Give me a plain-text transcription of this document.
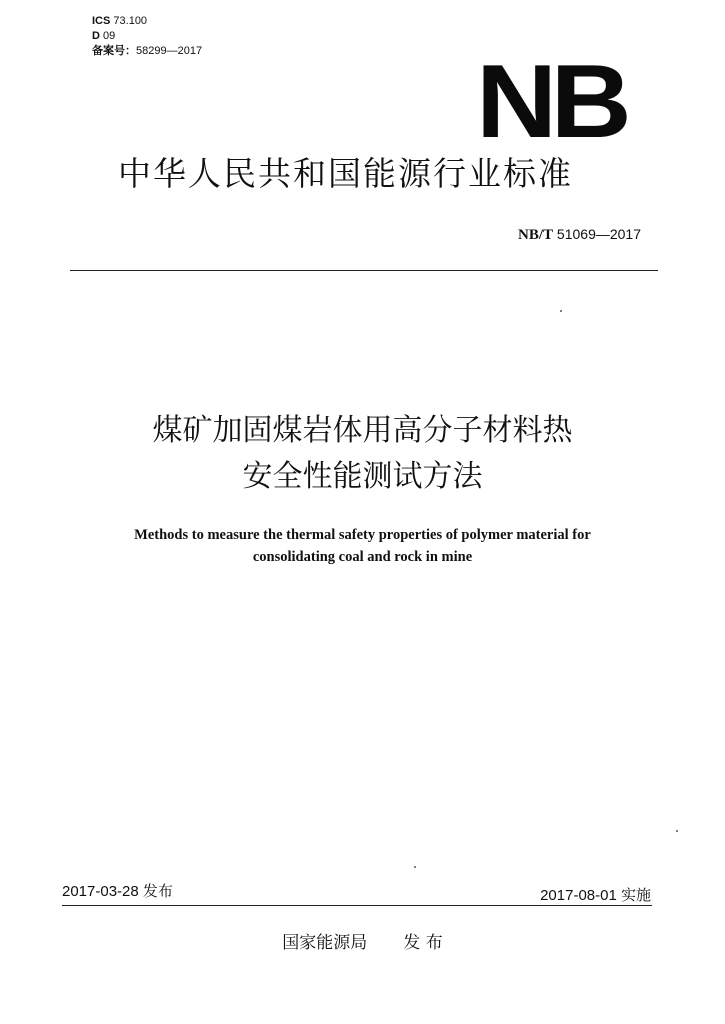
ICS 73.100
D 09
备案号：58299—2017	NB
中华人民共和国能源行业标准
NB/T 51069—2017
煤矿加固煤岩体用高分子材料热
安全性能测试方法
Methods to measure the thermal safety properties of polymer material for
consolidating coal and rock in mine
2017-03-28 发布	2017-08-01 实施
国家能源局 发 布
